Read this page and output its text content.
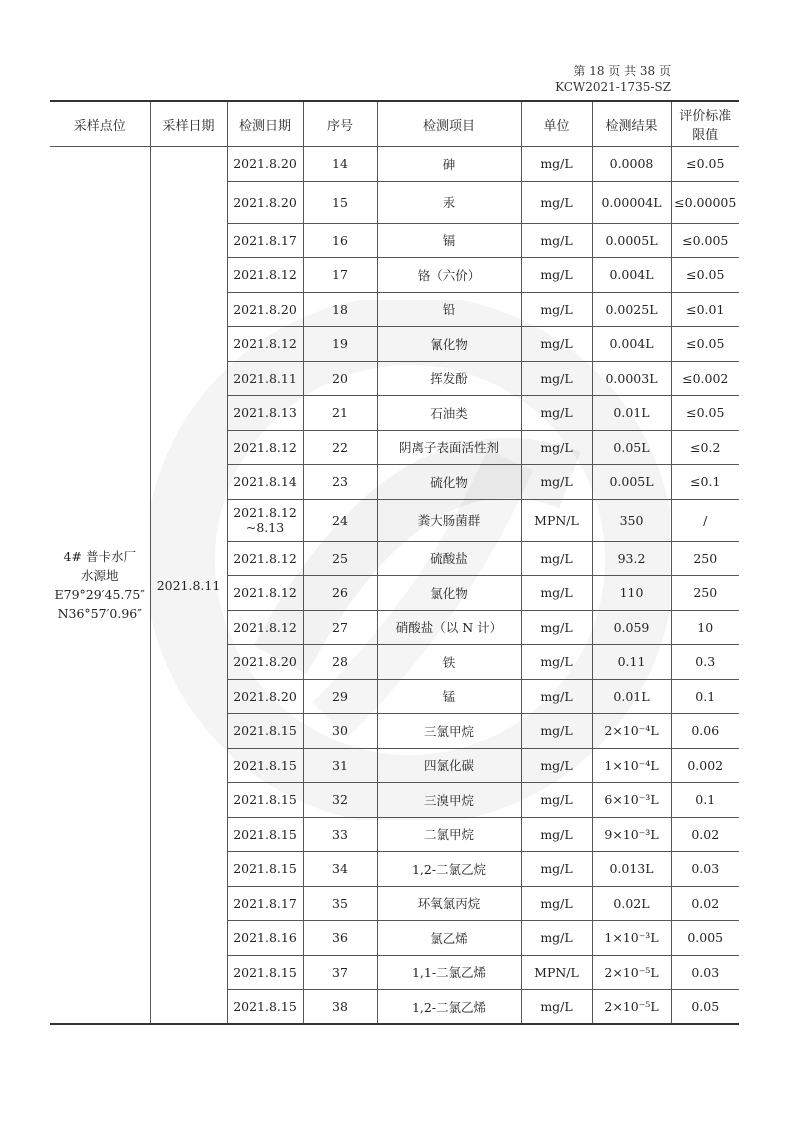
第 18 页 共 38 页
KCW2021-1735-SZ
采样点位	采样日期	检测日期	序号	检测项目	单位	检测结果	评价标准限值

4# 普卡水厂
水源地
E79°29′45.75″
N36°57′0.96″	2021.8.11	2021.8.20	14	砷	mg/L	0.0008	≤0.05
		2021.8.20	15	汞	mg/L	0.00004L	≤0.00005
		2021.8.17	16	镉	mg/L	0.0005L	≤0.005
		2021.8.12	17	铬（六价）	mg/L	0.004L	≤0.05
		2021.8.20	18	铅	mg/L	0.0025L	≤0.01
		2021.8.12	19	氰化物	mg/L	0.004L	≤0.05
		2021.8.11	20	挥发酚	mg/L	0.0003L	≤0.002
		2021.8.13	21	石油类	mg/L	0.01L	≤0.05
		2021.8.12	22	阴离子表面活性剂	mg/L	0.05L	≤0.2
		2021.8.14	23	硫化物	mg/L	0.005L	≤0.1
		2021.8.12 ~8.13	24	粪大肠菌群	MPN/L	350	/
		2021.8.12	25	硫酸盐	mg/L	93.2	250
		2021.8.12	26	氯化物	mg/L	110	250
		2021.8.12	27	硝酸盐（以 N 计）	mg/L	0.059	10
		2021.8.20	28	铁	mg/L	0.11	0.3
		2021.8.20	29	锰	mg/L	0.01L	0.1
		2021.8.15	30	三氯甲烷	mg/L	2×10⁻⁴L	0.06
		2021.8.15	31	四氯化碳	mg/L	1×10⁻⁴L	0.002
		2021.8.15	32	三溴甲烷	mg/L	6×10⁻³L	0.1
		2021.8.15	33	二氯甲烷	mg/L	9×10⁻³L	0.02
		2021.8.15	34	1,2-二氯乙烷	mg/L	0.013L	0.03
		2021.8.17	35	环氧氯丙烷	mg/L	0.02L	0.02
		2021.8.16	36	氯乙烯	mg/L	1×10⁻³L	0.005
		2021.8.15	37	1,1-二氯乙烯	MPN/L	2×10⁻⁵L	0.03
		2021.8.15	38	1,2-二氯乙烯	mg/L	2×10⁻⁵L	0.05
